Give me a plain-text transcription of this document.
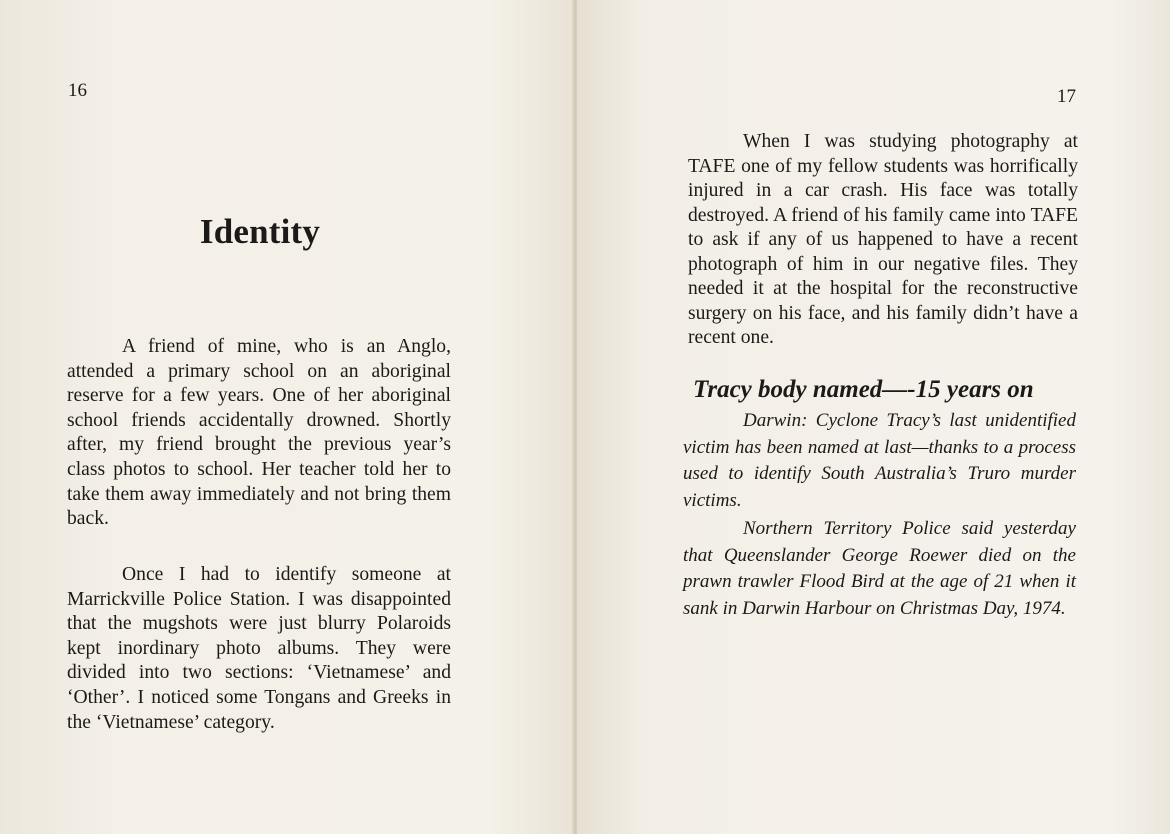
16
Identity

A friend of mine, who is an Anglo, attended a primary school on an aboriginal reserve for a few years. One of her aboriginal school friends accidentally drowned. Shortly after, my friend brought the previous year’s class photos to school. Her teacher told her to take them away immediately and not bring them back.

Once I had to identify someone at Marrickville Police Station. I was disappointed that the mugshots were just blurry Polaroids kept inordinary photo albums. They were divided into two sections: ‘Vietnamese’ and ‘Other’. I noticed some Tongans and Greeks in the ‘Vietnamese’ category.

17

When I was studying photography at TAFE one of my fellow students was horrifically injured in a car crash. His face was totally destroyed. A friend of his family came into TAFE to ask if any of us happened to have a recent photograph of him in our negative files. They needed it at the hospital for the reconstructive surgery on his face, and his family didn’t have a recent one.

Tracy body named—-15 years on

Darwin: Cyclone Tracy’s last unidentified victim has been named at last—thanks to a process used to identify South Australia’s Truro murder victims.

Northern Territory Police said yesterday that Queenslander George Roewer died on the prawn trawler Flood Bird at the age of 21 when it sank in Darwin Harbour on Christmas Day, 1974.
